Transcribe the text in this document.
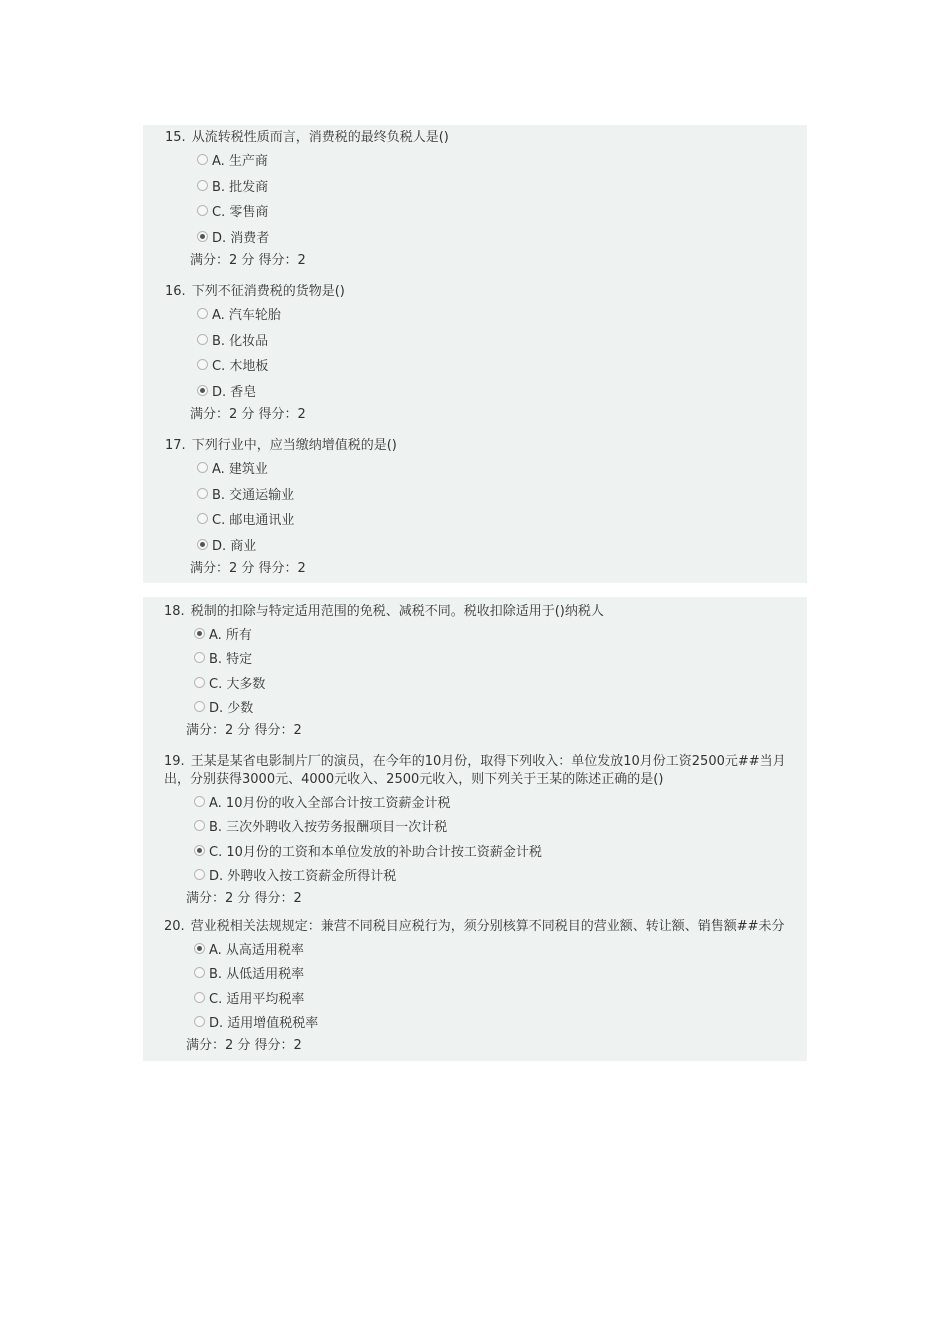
15. 从流转税性质而言，消费税的最终负税人是()
A. 生产商
B. 批发商
C. 零售商
D. 消费者
满分：2 分 得分：2
16. 下列不征消费税的货物是()
A. 汽车轮胎
B. 化妆品
C. 木地板
D. 香皂
满分：2 分 得分：2
17. 下列行业中，应当缴纳增值税的是()
A. 建筑业
B. 交通运输业
C. 邮电通讯业
D. 商业
满分：2 分 得分：2
18. 税制的扣除与特定适用范围的免税、减税不同。税收扣除适用于()纳税人
A. 所有
B. 特定
C. 大多数
D. 少数
满分：2 分 得分：2
19. 王某是某省电影制片厂的演员，在今年的10月份，取得下列收入：单位发放10月份工资2500元##当月
出，分别获得3000元、4000元收入、2500元收入，则下列关于王某的陈述正确的是()
A. 10月份的收入全部合计按工资薪金计税
B. 三次外聘收入按劳务报酬项目一次计税
C. 10月份的工资和本单位发放的补助合计按工资薪金计税
D. 外聘收入按工资薪金所得计税
满分：2 分 得分：2
20. 营业税相关法规规定：兼营不同税目应税行为，须分别核算不同税目的营业额、转让额、销售额##未分
A. 从高适用税率
B. 从低适用税率
C. 适用平均税率
D. 适用增值税税率
满分：2 分 得分：2
